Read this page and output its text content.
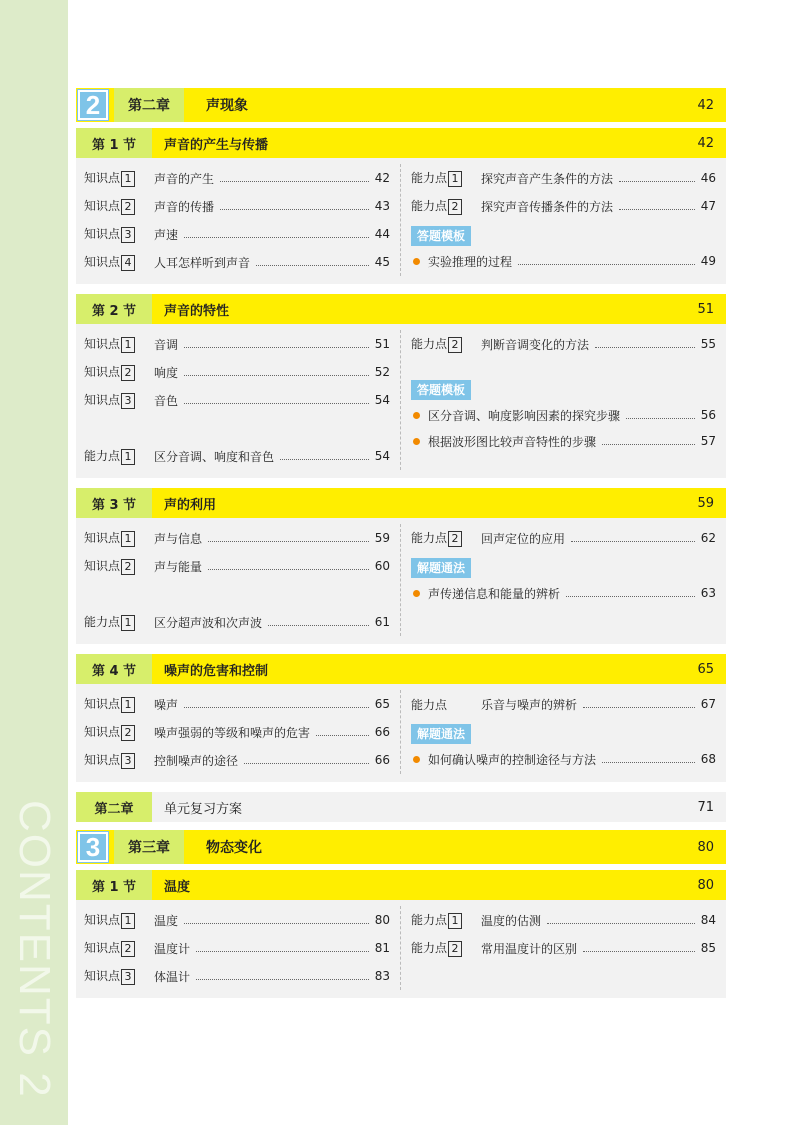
CONTENTS 2
2	第二章	声现象	42
第 1 节	声音的产生与传播	42
知识点 1	声音的产生	42
知识点 2	声音的传播	43
知识点 3	声速	44
知识点 4	人耳怎样听到声音	45
能力点 1	探究声音产生条件的方法	46
能力点 2	探究声音传播条件的方法	47
答题模板
实验推理的过程	49
第 2 节	声音的特性	51
知识点 1	音调	51
知识点 2	响度	52
知识点 3	音色	54
能力点 1	区分音调、响度和音色	54
能力点 2	判断音调变化的方法	55
答题模板
区分音调、响度影响因素的探究步骤	56
根据波形图比较声音特性的步骤	57
第 3 节	声的利用	59
知识点 1	声与信息	59
知识点 2	声与能量	60
能力点 1	区分超声波和次声波	61
能力点 2	回声定位的应用	62
解题通法
声传递信息和能量的辨析	63
第 4 节	噪声的危害和控制	65
知识点 1	噪声	65
知识点 2	噪声强弱的等级和噪声的危害	66
知识点 3	控制噪声的途径	66
能力点	乐音与噪声的辨析	67
解题通法
如何确认噪声的控制途径与方法	68
第二章	单元复习方案	71
3	第三章	物态变化	80
第 1 节	温度	80
知识点 1	温度	80
知识点 2	温度计	81
知识点 3	体温计	83
能力点 1	温度的估测	84
能力点 2	常用温度计的区别	85
